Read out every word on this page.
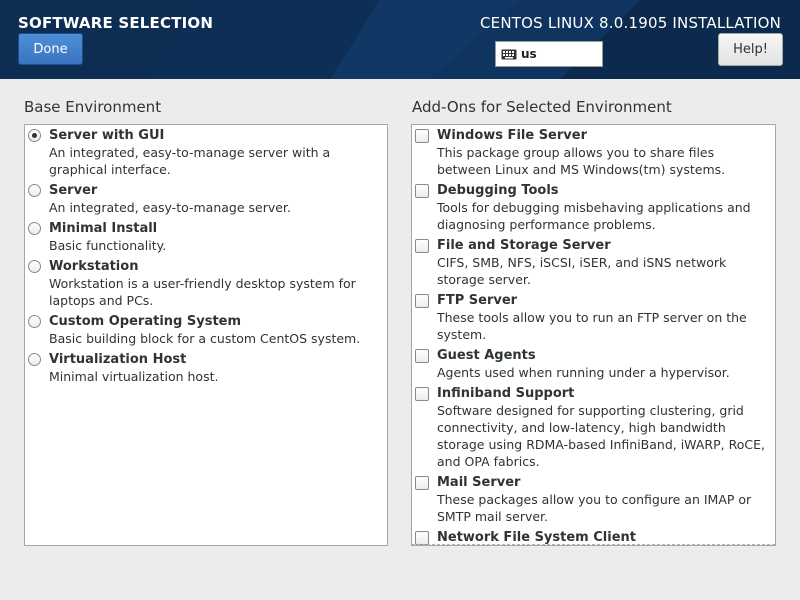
SOFTWARE SELECTION	CENTOS LINUX 8.0.1905 INSTALLATION
Done	us	Help!
Base Environment	Add-Ons for Selected Environment
Server with GUI
An integrated, easy-to-manage server with a graphical interface.
Server
An integrated, easy-to-manage server.
Minimal Install
Basic functionality.
Workstation
Workstation is a user-friendly desktop system for laptops and PCs.
Custom Operating System
Basic building block for a custom CentOS system.
Virtualization Host
Minimal virtualization host.
Windows File Server
This package group allows you to share files between Linux and MS Windows(tm) systems.
Debugging Tools
Tools for debugging misbehaving applications and diagnosing performance problems.
File and Storage Server
CIFS, SMB, NFS, iSCSI, iSER, and iSNS network storage server.
FTP Server
These tools allow you to run an FTP server on the system.
Guest Agents
Agents used when running under a hypervisor.
Infiniband Support
Software designed for supporting clustering, grid connectivity, and low-latency, high bandwidth storage using RDMA-based InfiniBand, iWARP, RoCE, and OPA fabrics.
Mail Server
These packages allow you to configure an IMAP or SMTP mail server.
Network File System Client
